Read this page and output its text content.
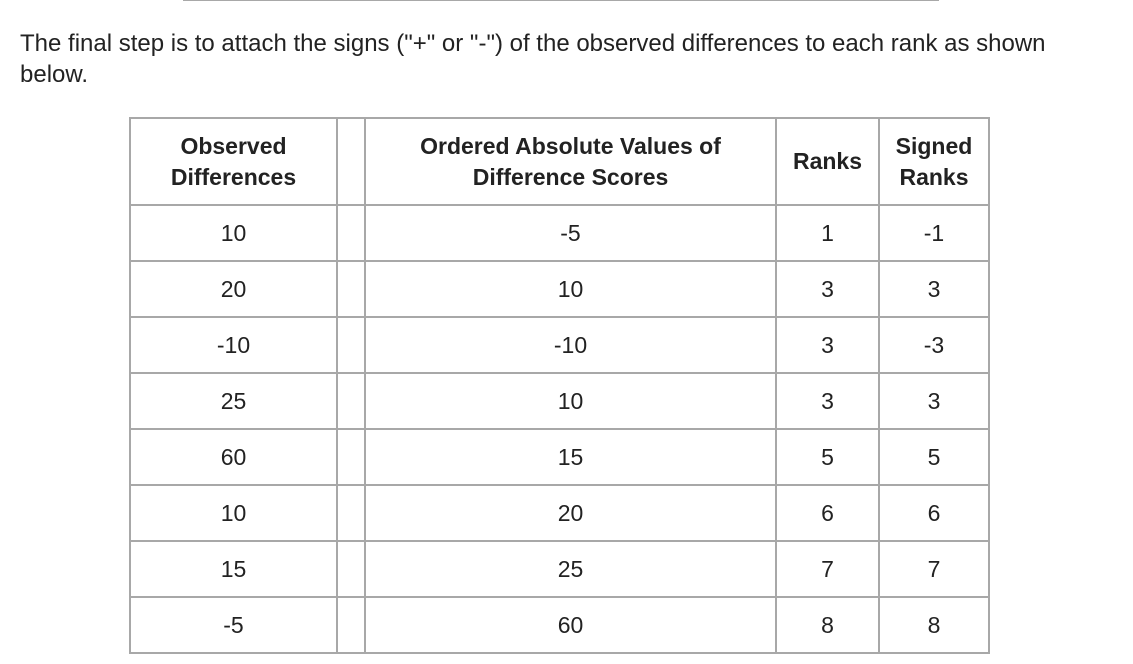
The final step is to attach the signs ("+" or "-") of the observed differences to each rank as shown below.

Observed Differences		Ordered Absolute Values of Difference Scores	Ranks	Signed Ranks
10		-5	1	-1
20		10	3	3
-10		-10	3	-3
25		10	3	3
60		15	5	5
10		20	6	6
15		25	7	7
-5		60	8	8
